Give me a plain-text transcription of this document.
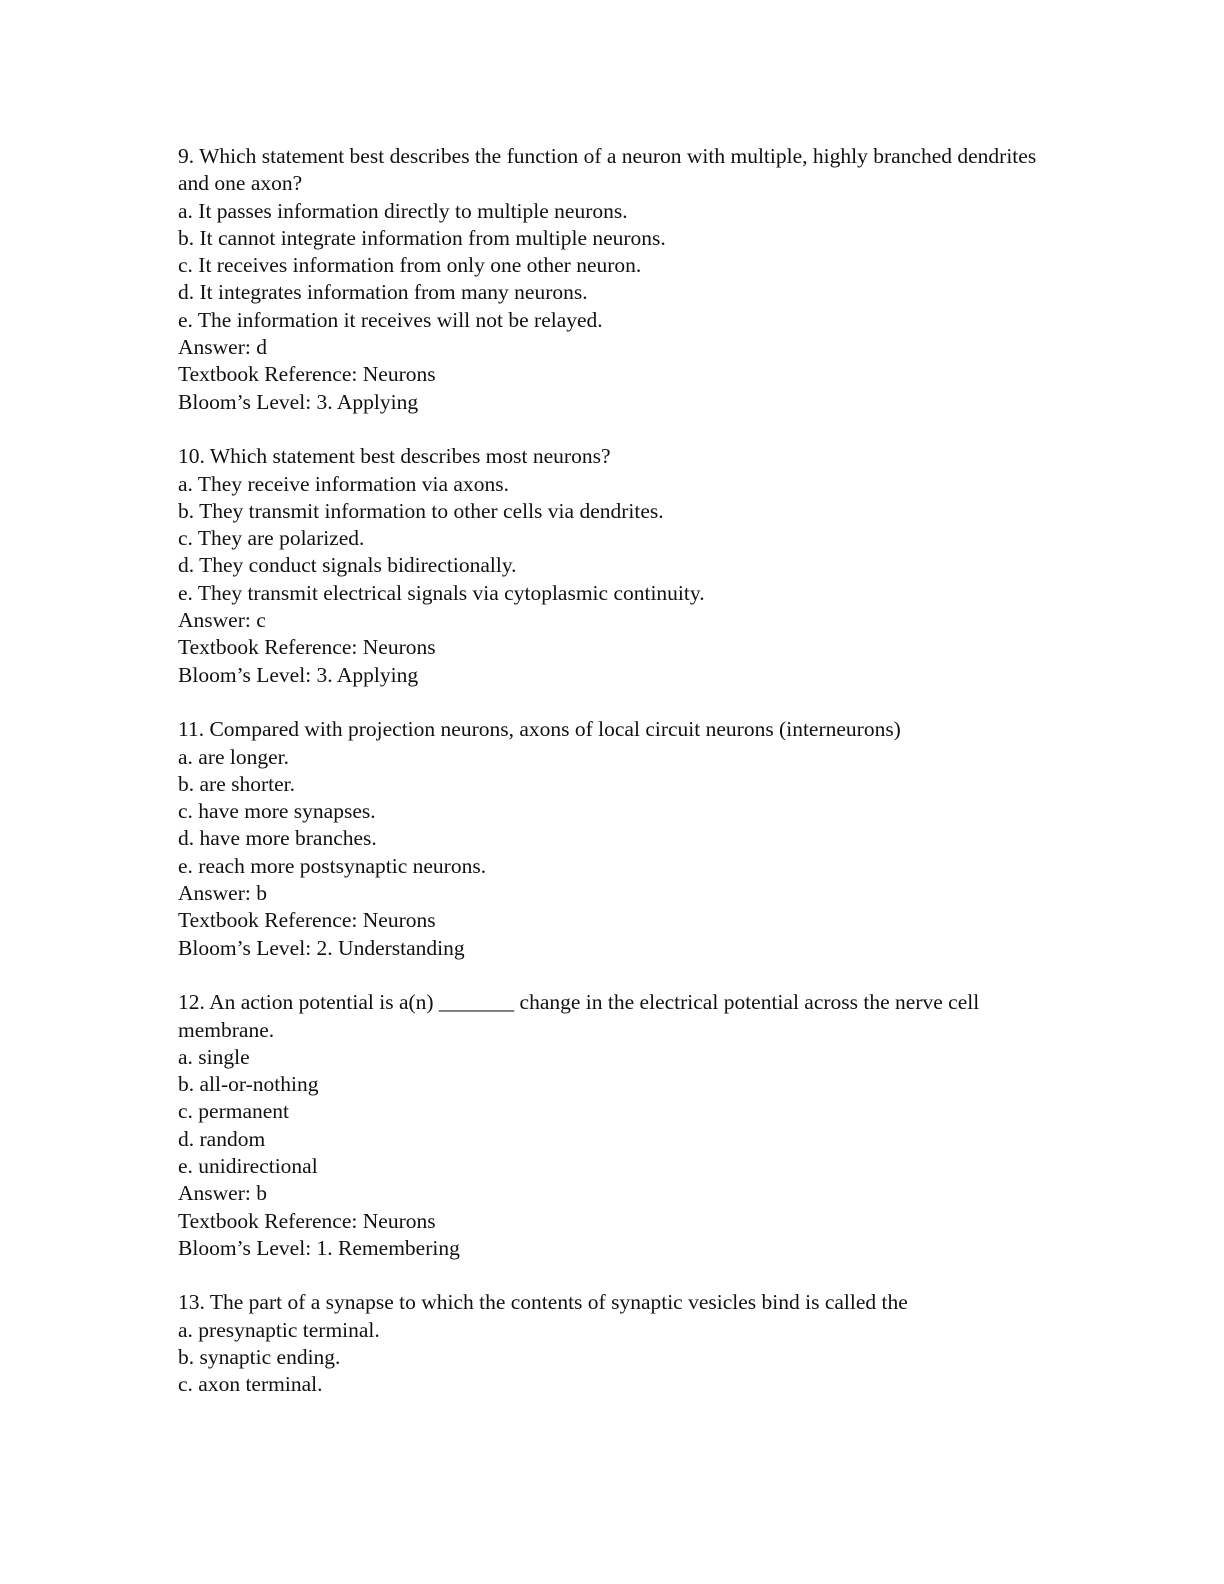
9. Which statement best describes the function of a neuron with multiple, highly branched dendrites and one axon?
a. It passes information directly to multiple neurons.
b. It cannot integrate information from multiple neurons.
c. It receives information from only one other neuron.
d. It integrates information from many neurons.
e. The information it receives will not be relayed.
Answer: d
Textbook Reference: Neurons
Bloom’s Level: 3. Applying
10. Which statement best describes most neurons?
a. They receive information via axons.
b. They transmit information to other cells via dendrites.
c. They are polarized.
d. They conduct signals bidirectionally.
e. They transmit electrical signals via cytoplasmic continuity.
Answer: c
Textbook Reference: Neurons
Bloom’s Level: 3. Applying
11. Compared with projection neurons, axons of local circuit neurons (interneurons)
a. are longer.
b. are shorter.
c. have more synapses.
d. have more branches.
e. reach more postsynaptic neurons.
Answer: b
Textbook Reference: Neurons
Bloom’s Level: 2. Understanding
12. An action potential is a(n) _______ change in the electrical potential across the nerve cell membrane.
a. single
b. all-or-nothing
c. permanent
d. random
e. unidirectional
Answer: b
Textbook Reference: Neurons
Bloom’s Level: 1. Remembering
13. The part of a synapse to which the contents of synaptic vesicles bind is called the
a. presynaptic terminal.
b. synaptic ending.
c. axon terminal.
